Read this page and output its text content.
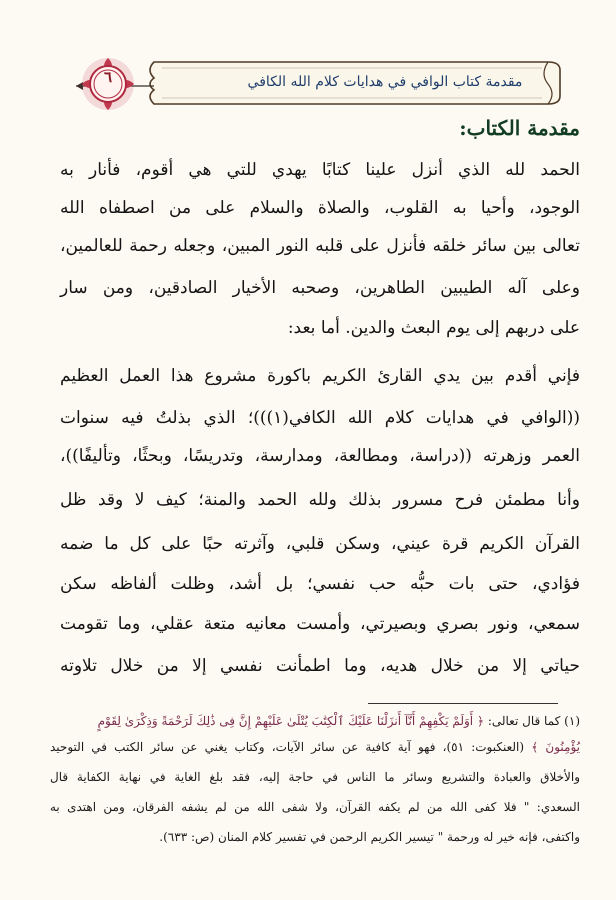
٦	مقدمة كتاب الوافي في هدايات كلام الله الكافي
مقدمة الكتاب:
الحمد لله الذي أنزل علينا كتابًا يهدي للتي هي أقوم، فأنار به
الوجود، وأحيا به القلوب، والصلاة والسلام على من اصطفاه الله
تعالى بين سائر خلقه فأنزل على قلبه النور المبين، وجعله رحمة للعالمين،
وعلى آله الطيبين الطاهرين، وصحبه الأخيار الصادقين، ومن سار
على دربهم إلى يوم البعث والدين. أما بعد:
فإني أقدم بين يدي القارئ الكريم باكورة مشروع هذا العمل العظيم
((الوافي في هدايات كلام الله الكافي(١)))؛ الذي بذلتُ فيه سنوات
العمر وزهرته ((دراسة، ومطالعة، ومدارسة، وتدريسًا، وبحثًا، وتأليفًا))،
وأنا مطمئن فرح مسرور بذلك ولله الحمد والمنة؛ كيف لا وقد ظل
القرآن الكريم قرة عيني، وسكن قلبي، وآثرته حبًا على كل ما ضمه
فؤادي، حتى بات حبُّه حب نفسي؛ بل أشد، وظلت ألفاظه سكن
سمعي، ونور بصري وبصيرتي، وأمست معانيه متعة عقلي، وما تقومت
حياتي إلا من خلال هديه، وما اطمأنت نفسي إلا من خلال تلاوته
(١) كما قال تعالى: ﴿ أَوَلَمْ يَكْفِهِمْ أَنَّآ أَنزَلْنَا عَلَيْكَ ٱلْكِتَٰبَ يُتْلَىٰ عَلَيْهِمْ إِنَّ فِى ذَٰلِكَ لَرَحْمَةً وَذِكْرَىٰ لِقَوْمٍ
يُؤْمِنُونَ ﴾ (العنكبوت: ٥١)، فهو آية كافية عن سائر الآيات، وكتاب يغني عن سائر الكتب في التوحيد
والأخلاق والعبادة والتشريع وسائر ما الناس في حاجة إليه، فقد بلغ الغاية في نهاية الكفاية قال
السعدي: " فلا كفى الله من لم يكفه القرآن، ولا شفى الله من لم يشفه الفرقان، ومن اهتدى به
واكتفى، فإنه خير له ورحمة " تيسير الكريم الرحمن في تفسير كلام المنان (ص: ٦٣٣).
